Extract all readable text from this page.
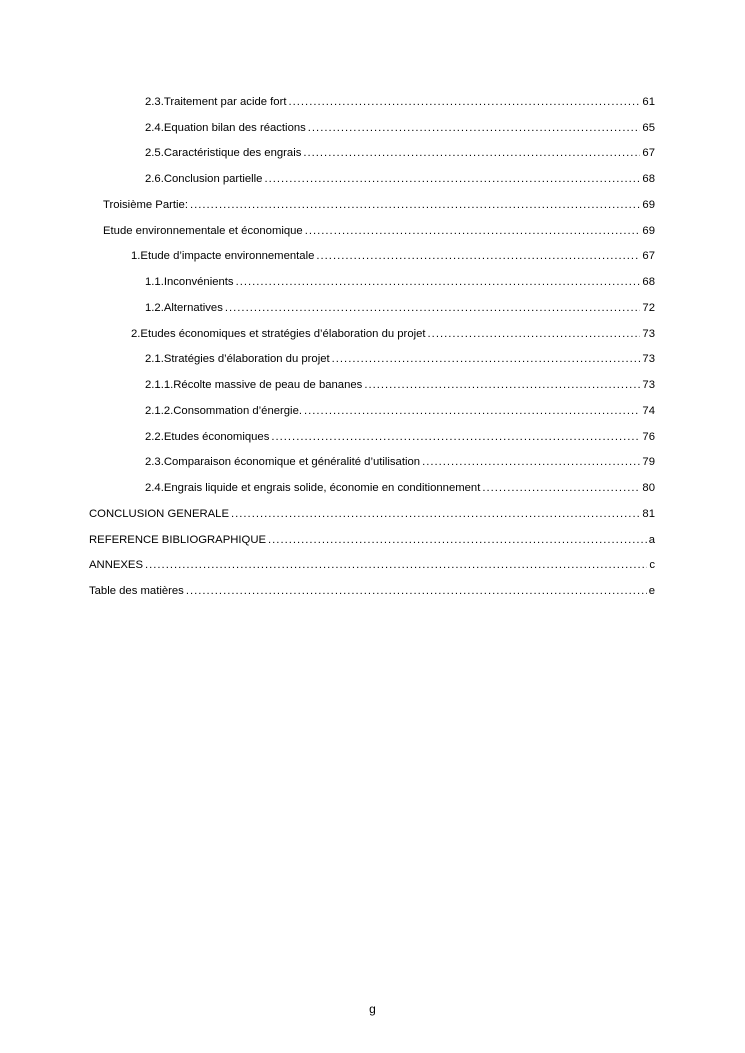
2.3.Traitement par acide fort .....	61
2.4.Equation bilan des réactions .....	65
2.5.Caractéristique des engrais .....	67
2.6.Conclusion partielle .....	68
Troisième Partie: .....	69
Etude environnementale et économique .....	69
1.Etude d’impacte environnementale .....	67
1.1.Inconvénients .....	68
1.2.Alternatives .....	72
2.Etudes économiques et stratégies d’élaboration du projet .....	73
2.1.Stratégies d’élaboration du projet .....	73
2.1.1.Récolte massive de peau de bananes .....	73
2.1.2.Consommation d’énergie. .....	74
2.2.Etudes économiques .....	76
2.3.Comparaison économique et généralité d’utilisation .....	79
2.4.Engrais liquide et engrais solide, économie en conditionnement .....	80
CONCLUSION GENERALE .....	81
REFERENCE BIBLIOGRAPHIQUE .....	a
ANNEXES .....	c
Table des matières .....	e
g
